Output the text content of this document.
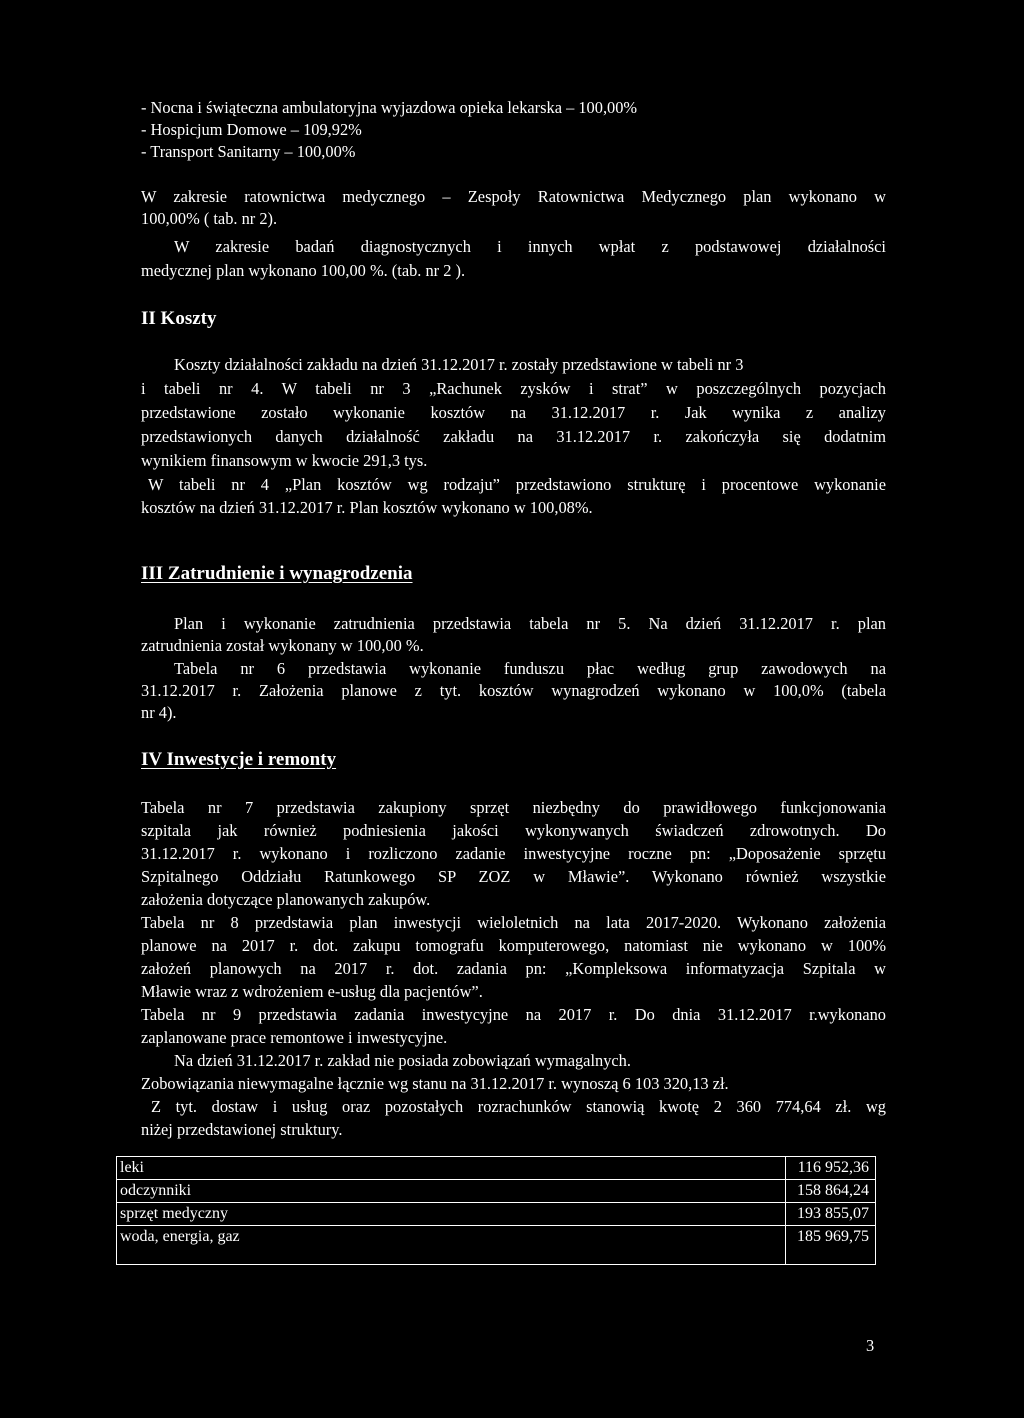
- Nocna i świąteczna ambulatoryjna wyjazdowa opieka lekarska – 100,00%
- Hospicjum Domowe – 109,92%
- Transport Sanitarny – 100,00%
W zakresie ratownictwa medycznego – Zespoły Ratownictwa Medycznego plan wykonano w
100,00% ( tab. nr 2).
W zakresie badań diagnostycznych i innych wpłat z podstawowej działalności
medycznej plan wykonano 100,00 %. (tab. nr 2 ).
II Koszty
Koszty działalności zakładu na dzień 31.12.2017 r. zostały przedstawione w tabeli nr 3
i tabeli nr 4. W tabeli nr 3 „Rachunek zysków i strat” w poszczególnych pozycjach
przedstawione zostało wykonanie kosztów na 31.12.2017 r. Jak wynika z analizy
przedstawionych danych działalność zakładu na 31.12.2017 r. zakończyła się dodatnim
wynikiem finansowym w kwocie 291,3 tys.
W tabeli nr 4 „Plan kosztów wg rodzaju” przedstawiono strukturę i procentowe wykonanie
kosztów na dzień 31.12.2017 r. Plan kosztów wykonano w 100,08%.
III Zatrudnienie i wynagrodzenia
Plan i wykonanie zatrudnienia przedstawia tabela nr 5. Na dzień 31.12.2017 r. plan
zatrudnienia został wykonany w 100,00 %.
Tabela nr 6 przedstawia wykonanie funduszu płac według grup zawodowych na
31.12.2017 r. Założenia planowe z tyt. kosztów wynagrodzeń wykonano w 100,0% (tabela
nr 4).
IV Inwestycje i remonty
Tabela nr 7 przedstawia zakupiony sprzęt niezbędny do prawidłowego funkcjonowania
szpitala jak również podniesienia jakości wykonywanych świadczeń zdrowotnych. Do
31.12.2017 r. wykonano i rozliczono zadanie inwestycyjne roczne pn: „Doposażenie sprzętu
Szpitalnego Oddziału Ratunkowego SP ZOZ w Mławie”. Wykonano również wszystkie
założenia dotyczące planowanych zakupów.
Tabela nr 8 przedstawia plan inwestycji wieloletnich na lata 2017-2020. Wykonano założenia
planowe na 2017 r. dot. zakupu tomografu komputerowego, natomiast nie wykonano w 100%
założeń planowych na 2017 r. dot. zadania pn: „Kompleksowa informatyzacja Szpitala w
Mławie wraz z wdrożeniem e-usług dla pacjentów”.
Tabela nr 9 przedstawia zadania inwestycyjne na 2017 r. Do dnia 31.12.2017 r.wykonano
zaplanowane prace remontowe i inwestycyjne.
Na dzień 31.12.2017 r. zakład nie posiada zobowiązań wymagalnych.
Zobowiązania niewymagalne łącznie wg stanu na 31.12.2017 r. wynoszą 6 103 320,13 zł.
Z tyt. dostaw i usług oraz pozostałych rozrachunków stanowią kwotę 2 360 774,64 zł. wg
niżej przedstawionej struktury.
leki	116 952,36
odczynniki	158 864,24
sprzęt medyczny	193 855,07
woda, energia, gaz	185 969,75
3
